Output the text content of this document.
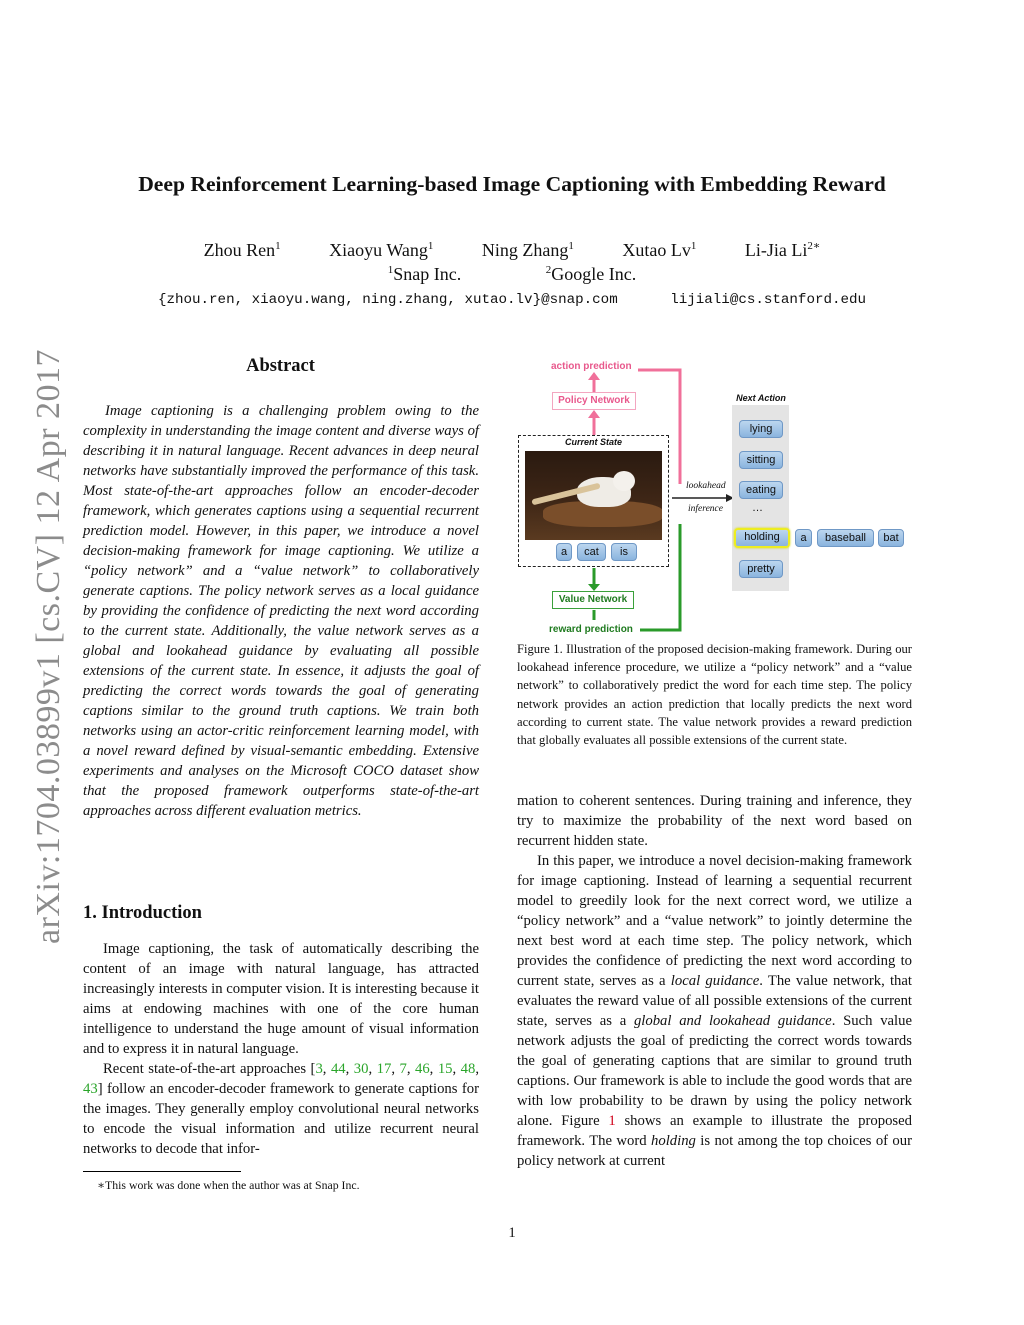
arXiv:1704.03899v1 [cs.CV] 12 Apr 2017
Deep Reinforcement Learning-based Image Captioning with Embedding Reward
Zhou Ren$^1$	Xiaoyu Wang$^1$	Ning Zhang$^1$	Xutao Lv$^1$	Li-Jia $Li^{2∗}$
$^1$Snap Inc.	$^2$Google Inc.
{zhou.ren, xiaoyu.wang, ning.zhang, xutao.lv}@snap.com	lijiali@cs.stanford.edu
Abstract

Image captioning is a challenging problem owing to the complexity in understanding the image content and diverse ways of describing it in natural language. Recent advances in deep neural networks have substantially improved the performance of this task. Most state-of-the-art approaches follow an encoder-decoder framework, which generates captions using a sequential recurrent prediction model. However, in this paper, we introduce a novel decision-making framework for image captioning. We utilize a “policy network” and a “value network” to collaboratively generate captions. The policy network serves as a local guidance by providing the confidence of predicting the next word according to the current state. Additionally, the value network serves as a global and lookahead guidance by evaluating all possible extensions of the current state. In essence, it adjusts the goal of predicting the correct words towards the goal of generating captions similar to the ground truth captions. We train both networks using an actor-critic reinforcement learning model, with a novel reward defined by visual-semantic embedding. Extensive experiments and analyses on the Microsoft COCO dataset show that the proposed framework outperforms state-of-the-art approaches across different evaluation metrics.

1. Introduction

Image captioning, the task of automatically describing the content of an image with natural language, has attracted increasingly interests in computer vision. It is interesting because it aims at endowing machines with one of the core human intelligence to understand the huge amount of visual information and to express it in natural language.

Recent state-of-the-art approaches [3, 44, 30, 17, 7, 46, 15, 48, 43] follow an encoder-decoder framework to generate captions for the images. They generally employ convolutional neural networks to encode the visual information and utilize recurrent neural networks to decode that infor-

∗This work was done when the author was at Snap Inc.
action prediction
Policy Network
Current State
a	cat	is
lookahead
inference
Value Network
reward prediction
Next Action
lying
sitting
eating
…
holding
pretty
a	baseball	bat
Figure 1. Illustration of the proposed decision-making framework. During our lookahead inference procedure, we utilize a “policy network” and a “value network” to collaboratively predict the word for each time step. The policy network provides an action prediction that locally predicts the next word according to current state. The value network provides a reward prediction that globally evaluates all possible extensions of the current state.

mation to coherent sentences. During training and inference, they try to maximize the probability of the next word based on recurrent hidden state.

In this paper, we introduce a novel decision-making framework for image captioning. Instead of learning a sequential recurrent model to greedily look for the next correct word, we utilize a “policy network” and a “value network” to jointly determine the next best word at each time step. The policy network, which provides the confidence of predicting the next word according to current state, serves as a local guidance. The value network, that evaluates the reward value of all possible extensions of the current state, serves as a global and lookahead guidance. Such value network adjusts the goal of predicting the correct words towards the goal of generating captions that are similar to ground truth captions. Our framework is able to include the good words that are with low probability to be drawn by using the policy network alone. Figure 1 shows an example to illustrate the proposed framework. The word holding is not among the top choices of our policy network at current

1
